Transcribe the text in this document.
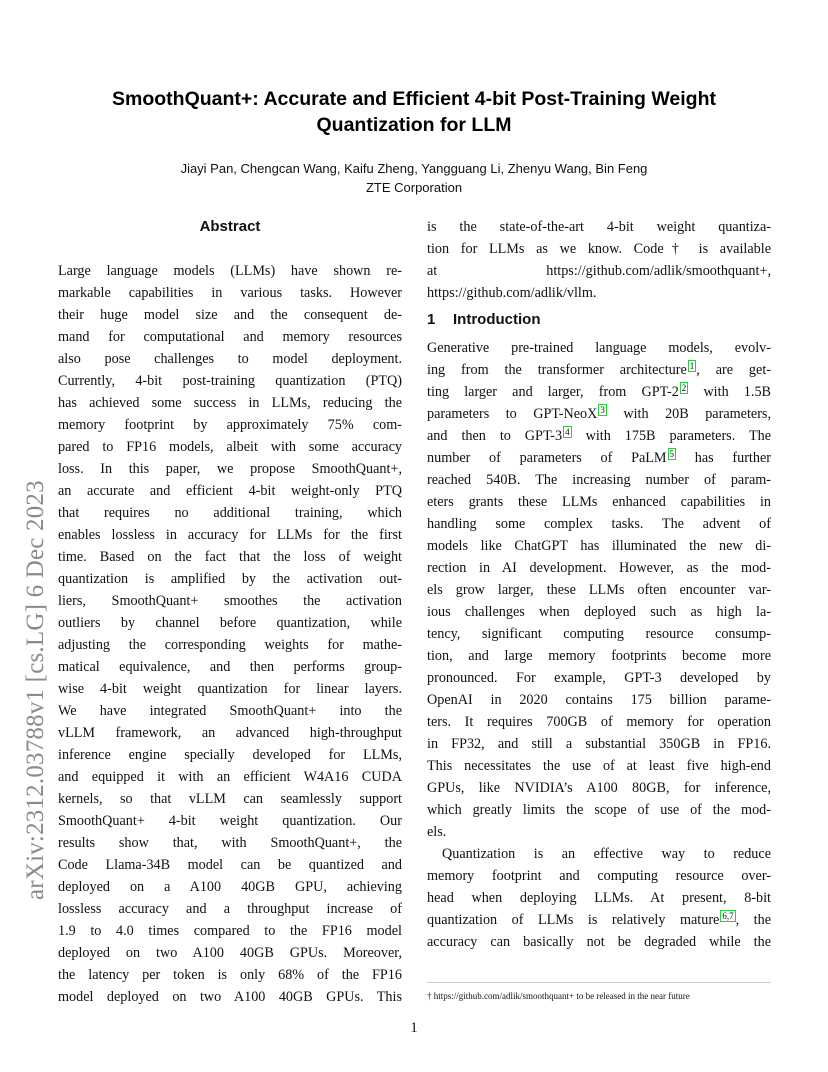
SmoothQuant+: Accurate and Efficient 4-bit Post-Training Weight
Quantization for LLM
Jiayi Pan, Chengcan Wang, Kaifu Zheng, Yangguang Li, Zhenyu Wang, Bin Feng
ZTE Corporation
arXiv:2312.03788v1 [cs.LG] 6 Dec 2023
Abstract
Large language models (LLMs) have shown re-
markable capabilities in various tasks. However
their huge model size and the consequent de-
mand for computational and memory resources
also pose challenges to model deployment.
Currently, 4-bit post-training quantization (PTQ)
has achieved some success in LLMs, reducing the
memory footprint by approximately 75% com-
pared to FP16 models, albeit with some accuracy
loss. In this paper, we propose SmoothQuant+,
an accurate and efficient 4-bit weight-only PTQ
that requires no additional training, which
enables lossless in accuracy for LLMs for the first
time. Based on the fact that the loss of weight
quantization is amplified by the activation out-
liers, SmoothQuant+ smoothes the activation
outliers by channel before quantization, while
adjusting the corresponding weights for mathe-
matical equivalence, and then performs group-
wise 4-bit weight quantization for linear layers.
We have integrated SmoothQuant+ into the
vLLM framework, an advanced high-throughput
inference engine specially developed for LLMs,
and equipped it with an efficient W4A16 CUDA
kernels, so that vLLM can seamlessly support
SmoothQuant+ 4-bit weight quantization. Our
results show that, with SmoothQuant+, the
Code Llama-34B model can be quantized and
deployed on a A100 40GB GPU, achieving
lossless accuracy and a throughput increase of
1.9 to 4.0 times compared to the FP16 model
deployed on two A100 40GB GPUs. Moreover,
the latency per token is only 68% of the FP16
model deployed on two A100 40GB GPUs. This
is the state-of-the-art 4-bit weight quantiza-
tion for LLMs as we know. Code† is available
at https://github.com/adlik/smoothquant+,
https://github.com/adlik/vllm.
1 Introduction
Generative pre-trained language models, evolv-
ing from the transformer architecture 1 , are get-
ting larger and larger, from GPT-2 2 with 1.5B
parameters to GPT-NeoX 3 with 20B parameters,
and then to GPT-3 4 with 175B parameters. The
number of parameters of PaLM 5 has further
reached 540B. The increasing number of param-
eters grants these LLMs enhanced capabilities in
handling some complex tasks. The advent of
models like ChatGPT has illuminated the new di-
rection in AI development. However, as the mod-
els grow larger, these LLMs often encounter var-
ious challenges when deployed such as high la-
tency, significant computing resource consump-
tion, and large memory footprints become more
pronounced. For example, GPT-3 developed by
OpenAI in 2020 contains 175 billion parame-
ters. It requires 700GB of memory for operation
in FP32, and still a substantial 350GB in FP16.
This necessitates the use of at least five high-end
GPUs, like NVIDIA’s A100 80GB, for inference,
which greatly limits the scope of use of the mod-
els.
Quantization is an effective way to reduce
memory footprint and computing resource over-
head when deploying LLMs. At present, 8-bit
quantization of LLMs is relatively mature 6,7 , the
accuracy can basically not be degraded while the
† https://github.com/adlik/smoothquant+ to be released in the near future
1
